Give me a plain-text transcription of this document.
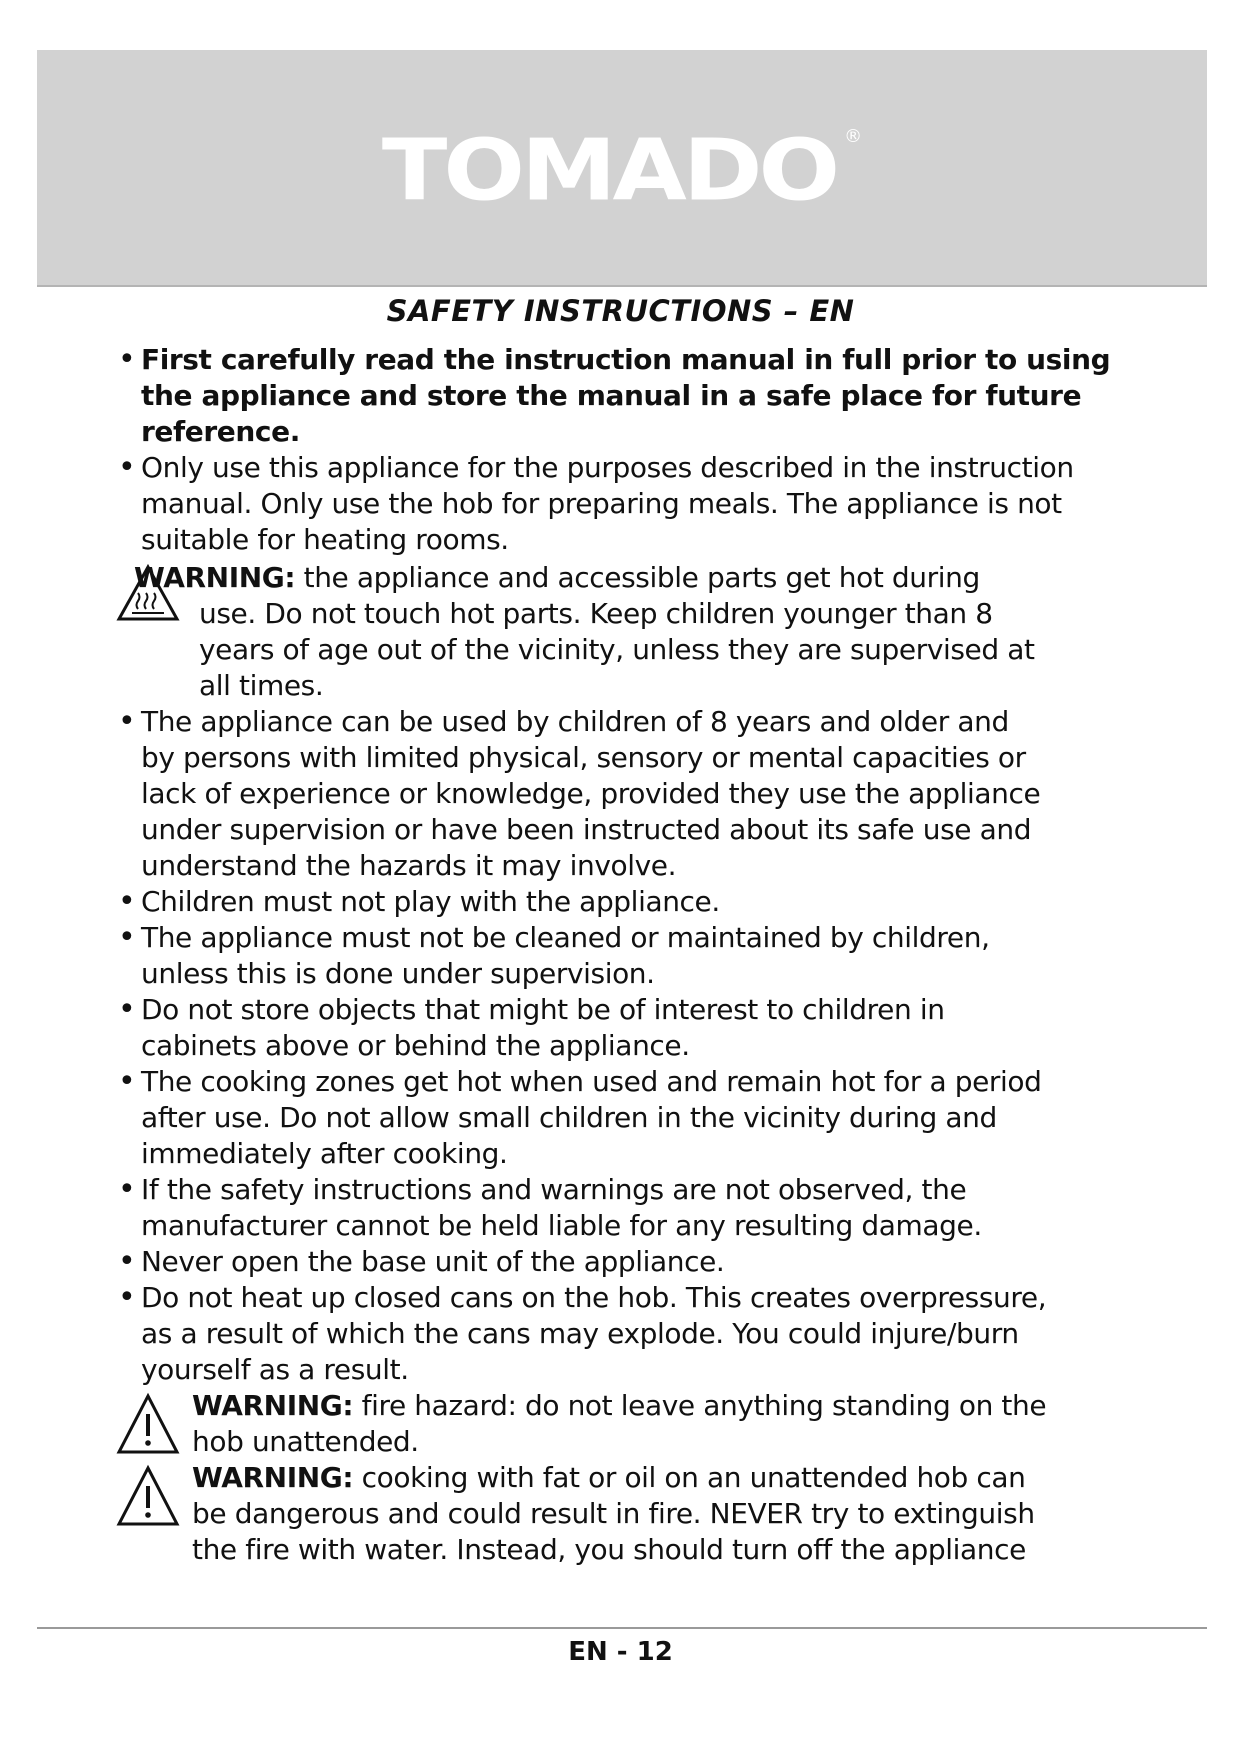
TOMADO ®
SAFETY INSTRUCTIONS – EN
• First carefully read the instruction manual in full prior to using
the appliance and store the manual in a safe place for future
reference.
• Only use this appliance for the purposes described in the instruction
manual. Only use the hob for preparing meals. The appliance is not
suitable for heating rooms.
WARNING: the appliance and accessible parts get hot during
use. Do not touch hot parts. Keep children younger than 8
years of age out of the vicinity, unless they are supervised at
all times.
• The appliance can be used by children of 8 years and older and
by persons with limited physical, sensory or mental capacities or
lack of experience or knowledge, provided they use the appliance
under supervision or have been instructed about its safe use and
understand the hazards it may involve.
• Children must not play with the appliance.
• The appliance must not be cleaned or maintained by children,
unless this is done under supervision.
• Do not store objects that might be of interest to children in
cabinets above or behind the appliance.
• The cooking zones get hot when used and remain hot for a period
after use. Do not allow small children in the vicinity during and
immediately after cooking.
• If the safety instructions and warnings are not observed, the
manufacturer cannot be held liable for any resulting damage.
• Never open the base unit of the appliance.
• Do not heat up closed cans on the hob. This creates overpressure,
as a result of which the cans may explode. You could injure/burn
yourself as a result.
WARNING: fire hazard: do not leave anything standing on the
hob unattended.
WARNING: cooking with fat or oil on an unattended hob can
be dangerous and could result in fire. NEVER try to extinguish
the fire with water. Instead, you should turn off the appliance
EN - 12
